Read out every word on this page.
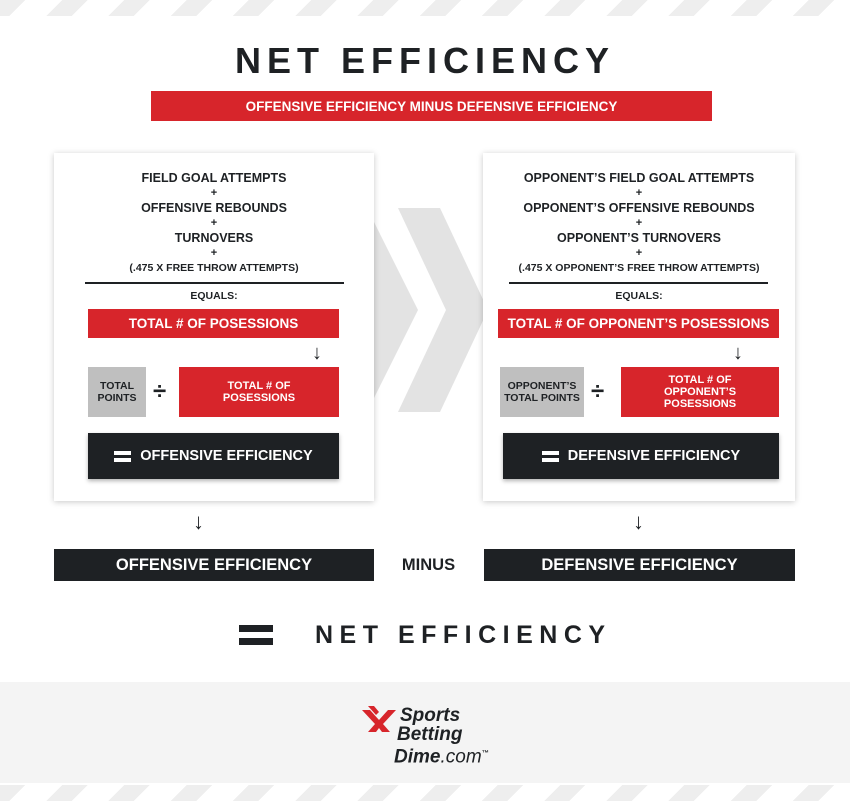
NET EFFICIENCY
OFFENSIVE EFFICIENCY MINUS DEFENSIVE EFFICIENCY
FIELD GOAL ATTEMPTS
+
OFFENSIVE REBOUNDS
+
TURNOVERS
+
(.475 X FREE THROW ATTEMPTS)
EQUALS:
TOTAL # OF POSESSIONS
↓
TOTAL POINTS ÷	TOTAL # OF POSESSIONS
OFFENSIVE EFFICIENCY
OPPONENT’S FIELD GOAL ATTEMPTS
+
OPPONENT’S OFFENSIVE REBOUNDS
+
OPPONENT’S TURNOVERS
+
(.475 X OPPONENT’S FREE THROW ATTEMPTS)
EQUALS:
TOTAL # OF OPPONENT’S POSESSIONS
↓
OPPONENT’S TOTAL POINTS ÷	TOTAL # OF OPPONENT’S POSESSIONS
DEFENSIVE EFFICIENCY
↓	↓
OFFENSIVE EFFICIENCY	MINUS	DEFENSIVE EFFICIENCY
NET EFFICIENCY
Sports
Betting
Dime.com™
